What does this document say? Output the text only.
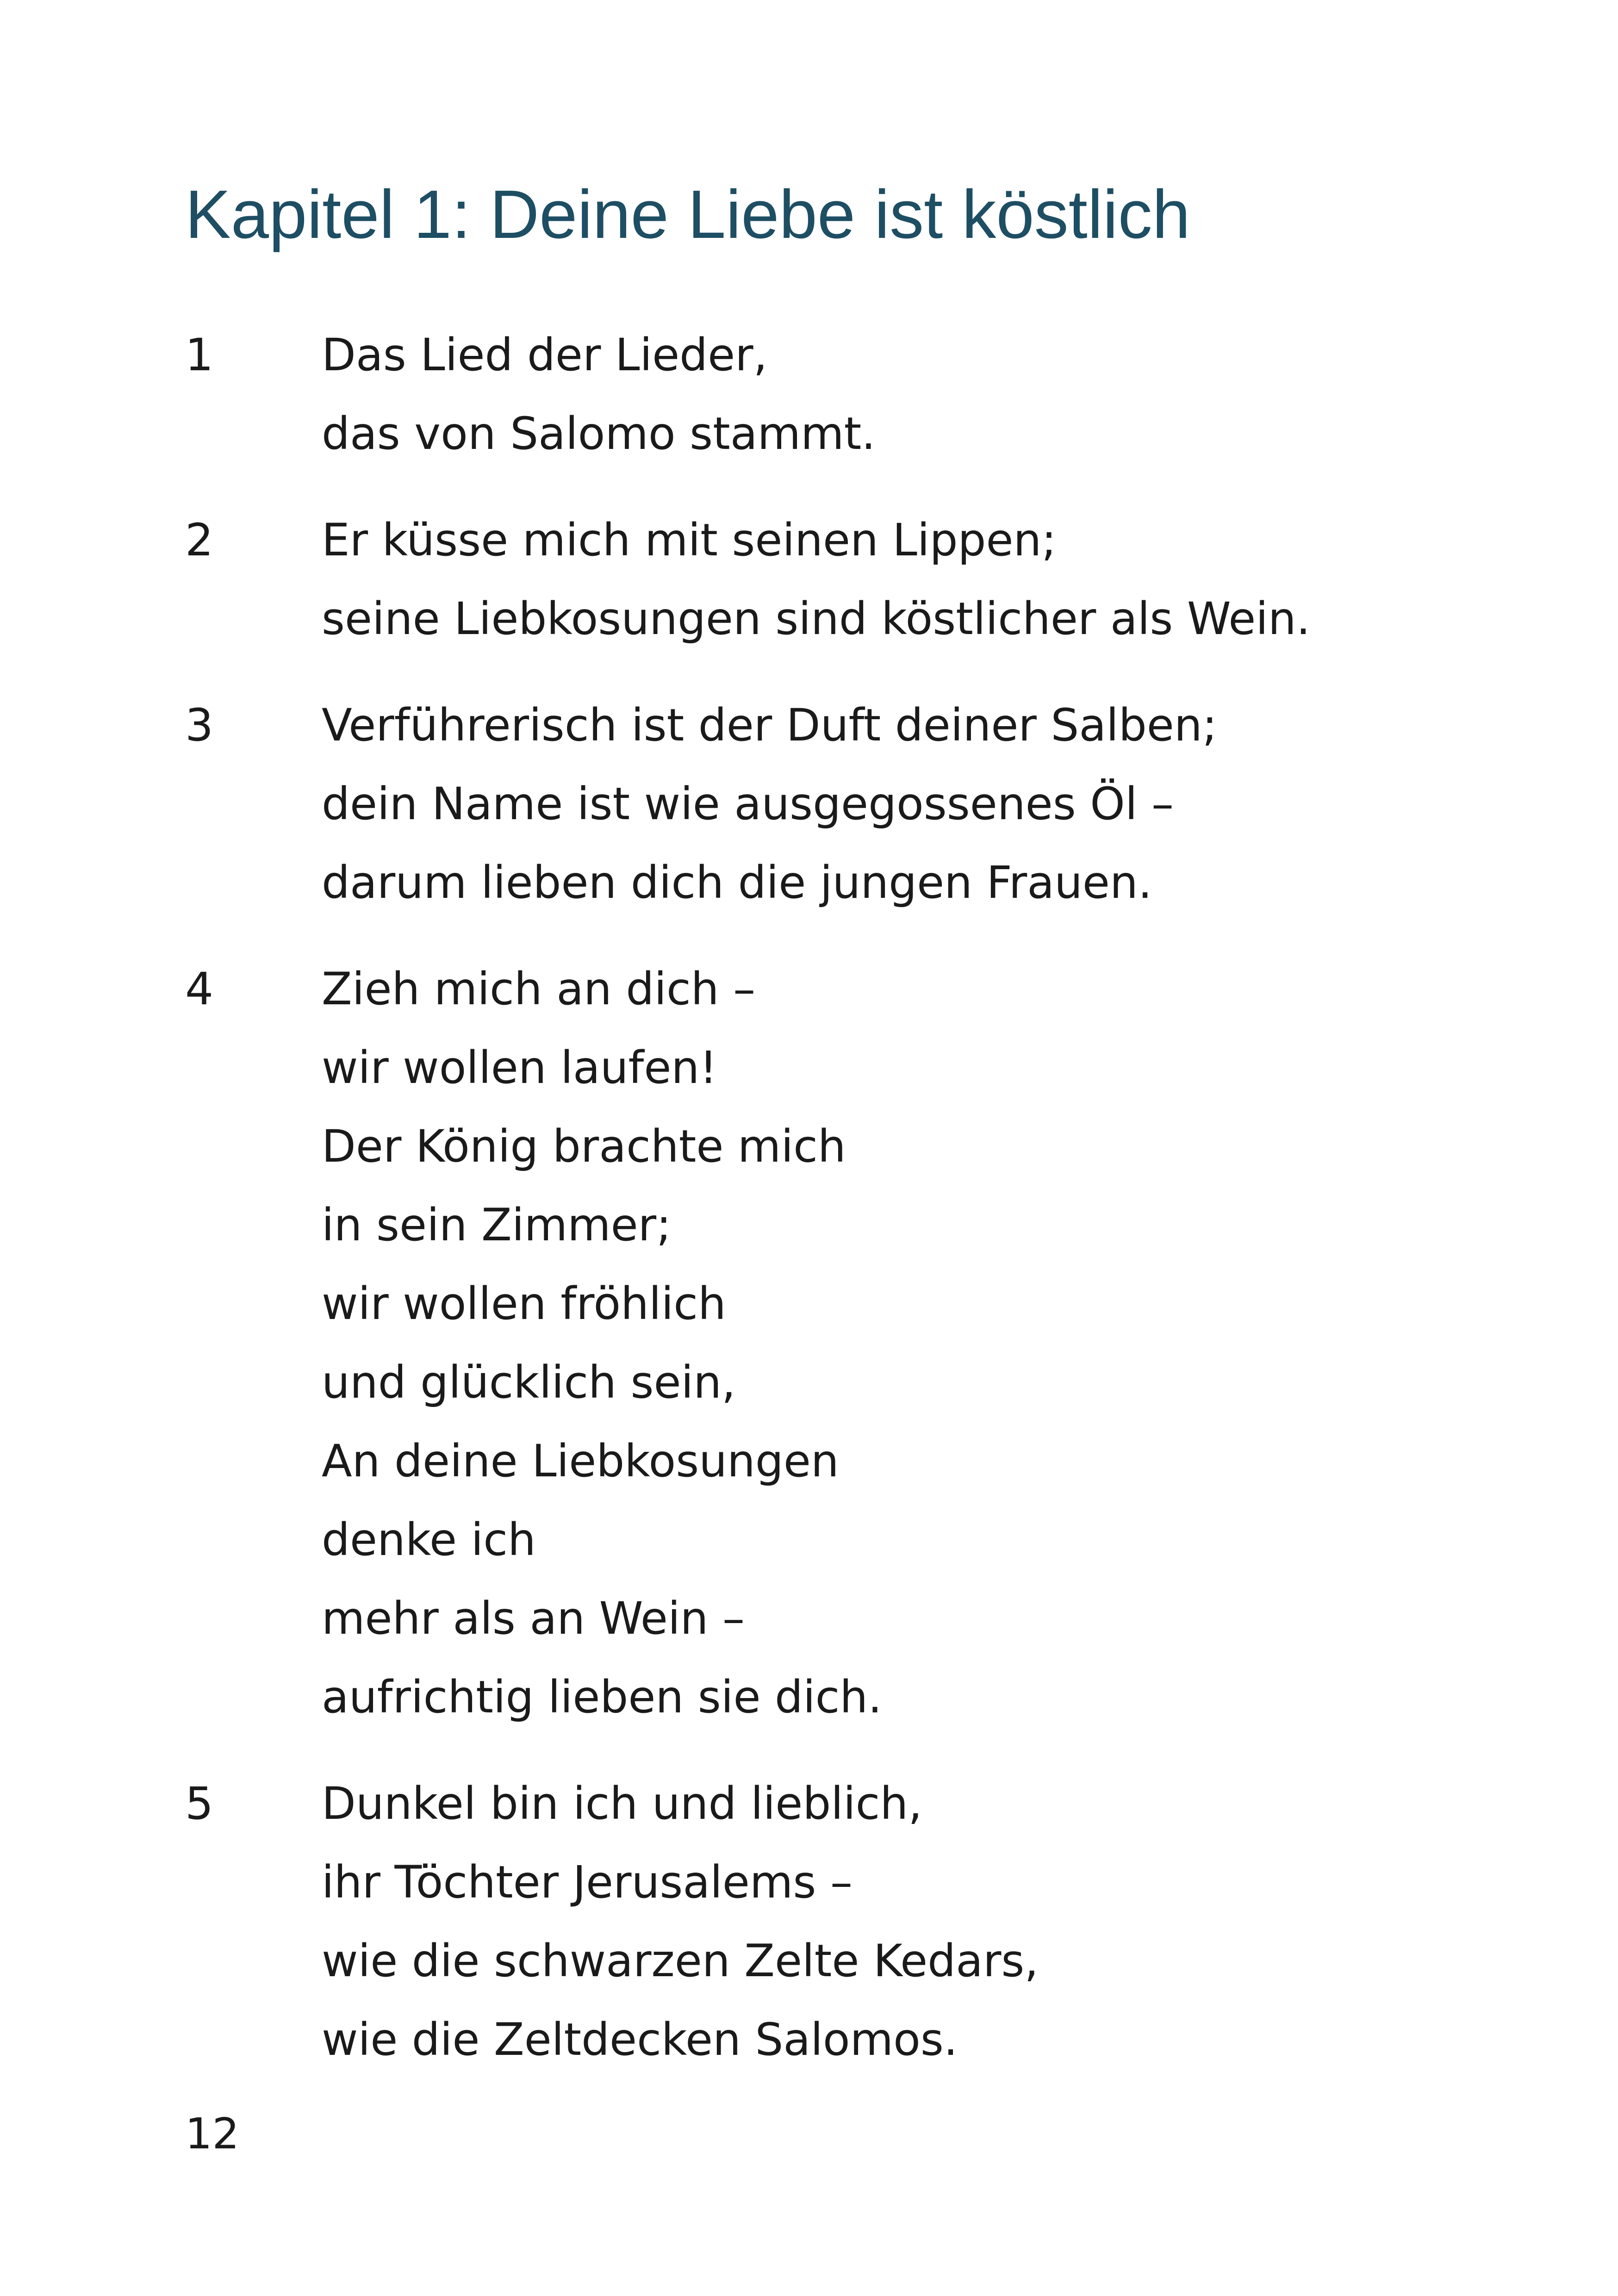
Kapitel 1: Deine Liebe ist köstlich
1	Das Lied der Lieder,
das von Salomo stammt.
2	Er küsse mich mit seinen Lippen;
seine Liebkosungen sind köstlicher als Wein.
3	Verführerisch ist der Duft deiner Salben;
dein Name ist wie ausgegossenes Öl –
darum lieben dich die jungen Frauen.
4	Zieh mich an dich –
wir wollen laufen!
Der König brachte mich
in sein Zimmer;
wir wollen fröhlich
und glücklich sein,
An deine Liebkosungen
denke ich
mehr als an Wein –
aufrichtig lieben sie dich.
5	Dunkel bin ich und lieblich,
ihr Töchter Jerusalems –
wie die schwarzen Zelte Kedars,
wie die Zeltdecken Salomos.
12
